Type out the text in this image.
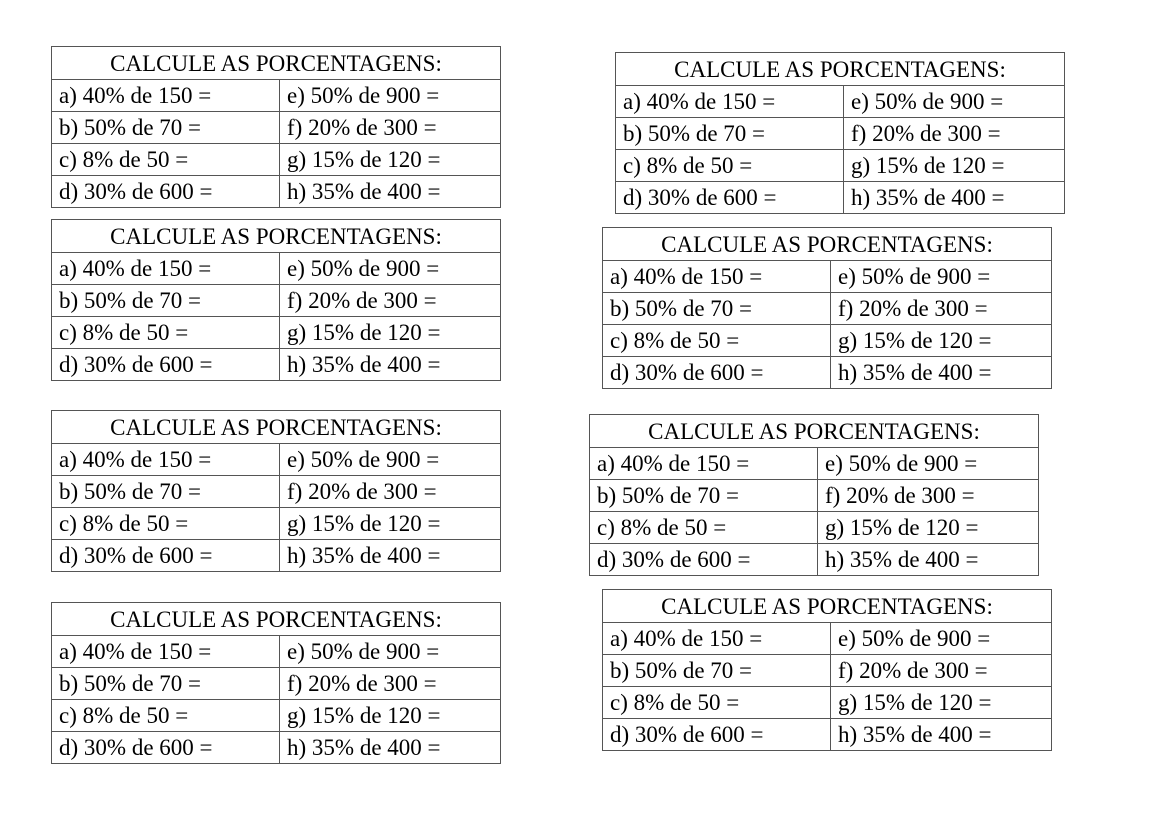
CALCULE AS PORCENTAGENS:	
a) 40% de 150 =	e) 50% de 900 =
b) 50% de 70 =	f) 20% de 300 =
c) 8% de 50 =	g) 15% de 120 =
d) 30% de 600 =	h) 35% de 400 =
CALCULE AS PORCENTAGENS:	
a) 40% de 150 =	e) 50% de 900 =
b) 50% de 70 =	f) 20% de 300 =
c) 8% de 50 =	g) 15% de 120 =
d) 30% de 600 =	h) 35% de 400 =
CALCULE AS PORCENTAGENS:	
a) 40% de 150 =	e) 50% de 900 =
b) 50% de 70 =	f) 20% de 300 =
c) 8% de 50 =	g) 15% de 120 =
d) 30% de 600 =	h) 35% de 400 =
CALCULE AS PORCENTAGENS:	
a) 40% de 150 =	e) 50% de 900 =
b) 50% de 70 =	f) 20% de 300 =
c) 8% de 50 =	g) 15% de 120 =
d) 30% de 600 =	h) 35% de 400 =
CALCULE AS PORCENTAGENS:	
a) 40% de 150 =	e) 50% de 900 =
b) 50% de 70 =	f) 20% de 300 =
c) 8% de 50 =	g) 15% de 120 =
d) 30% de 600 =	h) 35% de 400 =
CALCULE AS PORCENTAGENS:	
a) 40% de 150 =	e) 50% de 900 =
b) 50% de 70 =	f) 20% de 300 =
c) 8% de 50 =	g) 15% de 120 =
d) 30% de 600 =	h) 35% de 400 =
CALCULE AS PORCENTAGENS:	
a) 40% de 150 =	e) 50% de 900 =
b) 50% de 70 =	f) 20% de 300 =
c) 8% de 50 =	g) 15% de 120 =
d) 30% de 600 =	h) 35% de 400 =
CALCULE AS PORCENTAGENS:	
a) 40% de 150 =	e) 50% de 900 =
b) 50% de 70 =	f) 20% de 300 =
c) 8% de 50 =	g) 15% de 120 =
d) 30% de 600 =	h) 35% de 400 =
